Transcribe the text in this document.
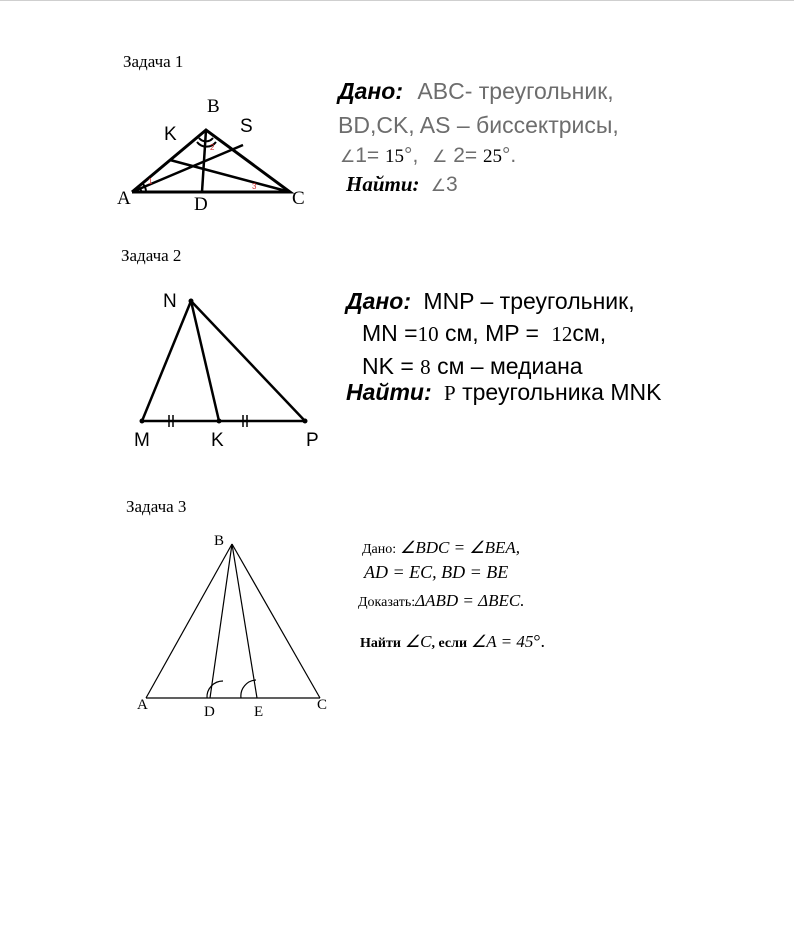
Задача 1
1
2
3
B
K	S
A	D	C
Дано: ABC- треугольник,
BD,CK, AS – биссектрисы,
∠1= 15°, ∠ 2= 25°.
Найти: ∠3
Задача 2
N
M	K	P
Дано: MNP – треугольник,
MN =10 см, MP = 12см,
NK = 8 см – медиана
Найти: P треугольника MNK
Задача 3
B
A	D	E	C
Дано: ∠BDC = ∠BEA,
AD = EC, BD = BE
Доказать:ΔABD = ΔBEC.
Найти ∠C, если ∠A = 45°.
